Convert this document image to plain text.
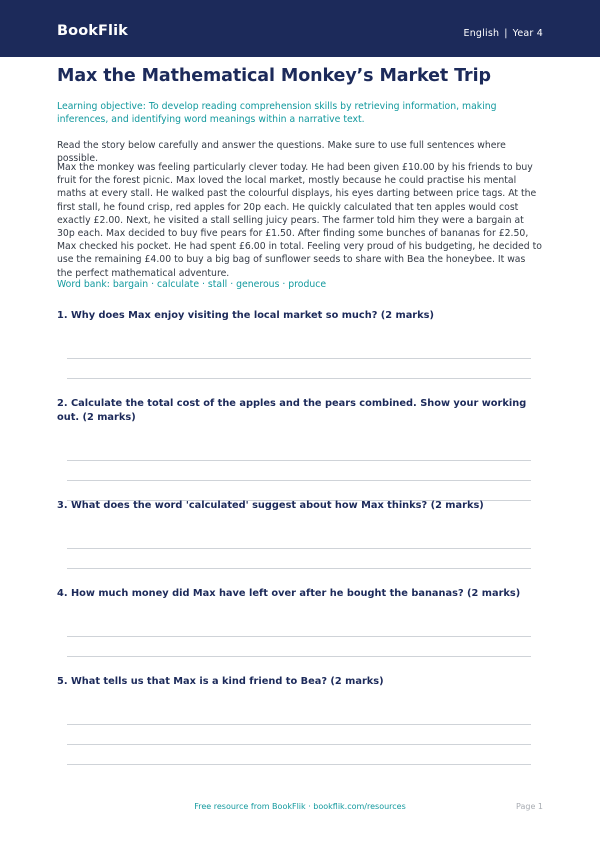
BookFlik	English | Year 4
Max the Mathematical Monkey’s Market Trip

Learning objective: To develop reading comprehension skills by retrieving information, making inferences, and identifying word meanings within a narrative text.

Read the story below carefully and answer the questions. Make sure to use full sentences where possible.

Max the monkey was feeling particularly clever today. He had been given £10.00 by his friends to buy fruit for the forest picnic. Max loved the local market, mostly because he could practise his mental maths at every stall. He walked past the colourful displays, his eyes darting between price tags. At the first stall, he found crisp, red apples for 20p each. He quickly calculated that ten apples would cost exactly £2.00. Next, he visited a stall selling juicy pears. The farmer told him they were a bargain at 30p each. Max decided to buy five pears for £1.50. After finding some bunches of bananas for £2.50, Max checked his pocket. He had spent £6.00 in total. Feeling very proud of his budgeting, he decided to use the remaining £4.00 to buy a big bag of sunflower seeds to share with Bea the honeybee. It was the perfect mathematical adventure.

Word bank: bargain · calculate · stall · generous · produce

1. Why does Max enjoy visiting the local market so much? (2 marks)
2. Calculate the total cost of the apples and the pears combined. Show your working out. (2 marks)
3. What does the word 'calculated' suggest about how Max thinks? (2 marks)
4. How much money did Max have left over after he bought the bananas? (2 marks)
5. What tells us that Max is a kind friend to Bea? (2 marks)
Free resource from BookFlik · bookflik.com/resources	Page 1
